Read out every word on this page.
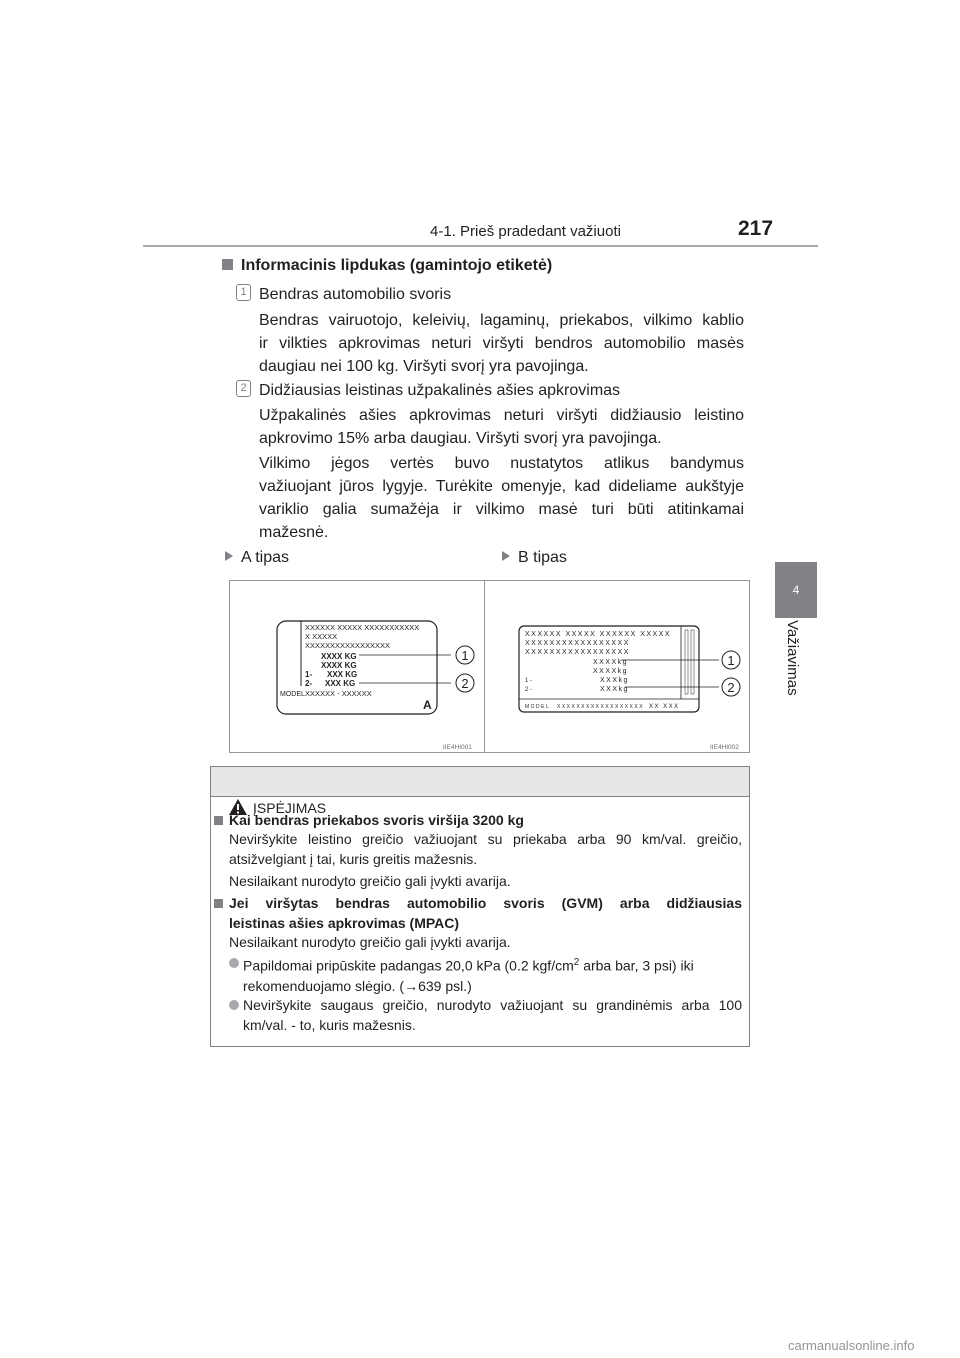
4-1. Prieš pradedant važiuoti	217
4
Važiavimas
Informacinis lipdukas (gamintojo etiketė)
1 Bendras automobilio svoris
Bendras vairuotojo, keleivių, lagaminų, priekabos, vilkimo kablio
ir vilkties apkrovimas neturi viršyti bendros automobilio masės
daugiau nei 100 kg. Viršyti svorį yra pavojinga.
2 Didžiausias leistinas užpakalinės ašies apkrovimas
Užpakalinės ašies apkrovimas neturi viršyti didžiausio leistino
apkrovimo 15% arba daugiau. Viršyti svorį yra pavojinga.
Vilkimo jėgos vertės buvo nustatytos atlikus bandymus
važiuojant jūros lygyje. Turėkite omenyje, kad dideliame aukštyje
variklio galia sumažėja ir vilkimo masė turi būti atitinkamai
mažesnė.
A tipas	B tipas
XXXXXX XXXXX XXXXXXXXXXX
X XXXXX
XXXXXXXXXXXXXXXXX
XXXX KG
XXXX KG
1- XXX KG
2- XXX KG
MODEL XXXXXX - XXXXXX
A
1
2
IIE4HI001
XXXXXX XXXXX XXXXXX XXXXX
XXXXXXXXXXXXXXXXX
XXXXXXXXXXXXXXXXX
XXXXkg
XXXXkg
XXXkg
XXXkg
1-
2-
MODEL XXXXXXXXXXXXXXXXXX XX XXX
1
2
IIE4HI002
ĮSPĖJIMAS
Kai bendras priekabos svoris viršija 3200 kg
Neviršykite leistino greičio važiuojant su priekaba arba 90 km/val. greičio,
atsižvelgiant į tai, kuris greitis mažesnis.
Nesilaikant nurodyto greičio gali įvykti avarija.
Jei viršytas bendras automobilio svoris (GVM) arba didžiausias
leistinas ašies apkrovimas (MPAC)
Nesilaikant nurodyto greičio gali įvykti avarija.
Papildomai pripūskite padangas 20,0 kPa (0.2 kgf/$cm^2$ arba bar, 3 psi) iki
rekomenduojamo slėgio. (→639 psl.)
Neviršykite saugaus greičio, nurodyto važiuojant su grandinėmis arba 100
km/val. - to, kuris mažesnis.
carmanualsonline.info
